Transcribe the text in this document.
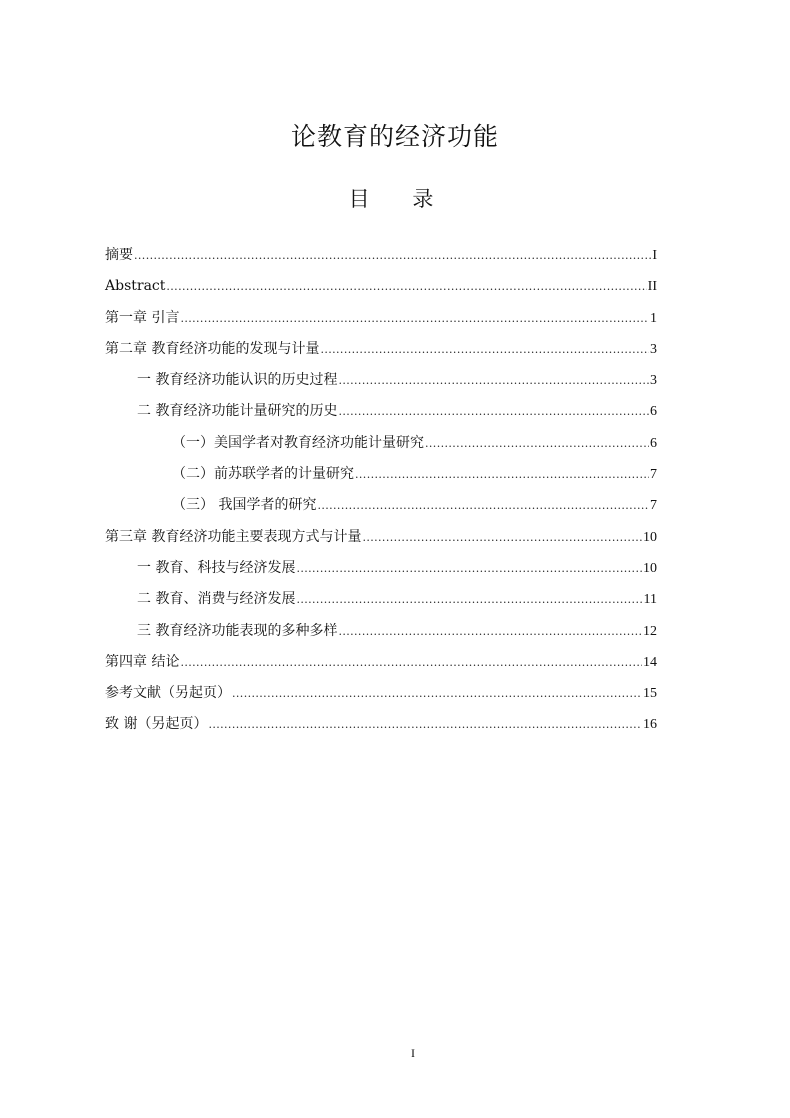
论教育的经济功能
目 录
摘要 .....	I
Abstract .....	II
第一章 引言 .....	1
第二章 教育经济功能的发现与计量 .....	3
一 教育经济功能认识的历史过程 .....	3
二 教育经济功能计量研究的历史 .....	6
（一）美国学者对教育经济功能计量研究 .....	6
（二）前苏联学者的计量研究 .....	7
（三） 我国学者的研究 .....	7
第三章 教育经济功能主要表现方式与计量 .....	10
一 教育、科技与经济发展 .....	10
二 教育、消费与经济发展 .....	11
三 教育经济功能表现的多种多样 .....	12
第四章 结论 .....	14
参考文献（另起页） .....	15
致 谢（另起页） .....	16
I
